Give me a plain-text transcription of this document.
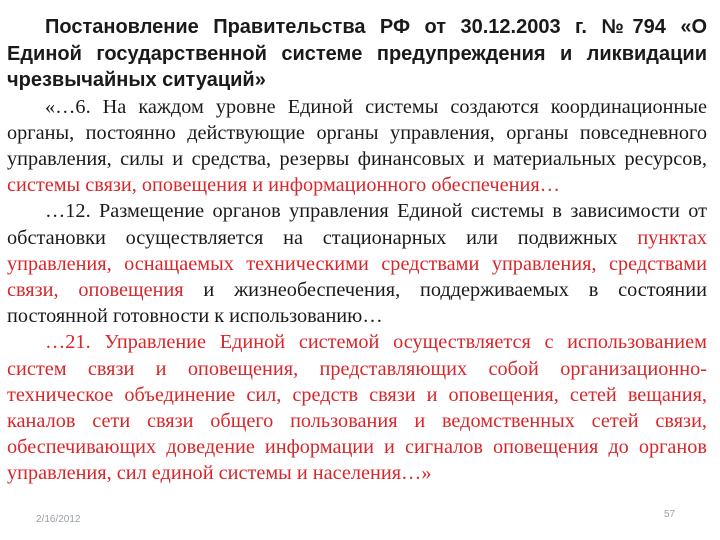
Постановление Правительства РФ от 30.12.2003 г. №794 «О Единой государственной системе предупреждения и ликвидации чрезвычайных ситуаций»

«…6. На каждом уровне Единой системы создаются координационные органы, постоянно действующие органы управления, органы повседневного управления, силы и средства, резервы финансовых и материальных ресурсов, системы связи, оповещения и информационного обеспечения…

…12. Размещение органов управления Единой системы в зависимости от обстановки осуществляется на стационарных или подвижных пунктах управления, оснащаемых техническими средствами управления, средствами связи, оповещения и жизнеобеспечения, поддерживаемых в состоянии постоянной готовности к использованию…

…21. Управление Единой системой осуществляется с использованием систем связи и оповещения, представляющих собой организационно-техническое объединение сил, средств связи и оповещения, сетей вещания, каналов сети связи общего пользования и ведомственных сетей связи, обеспечивающих доведение информации и сигналов оповещения до органов управления, сил единой системы и населения…»

2/16/2012	57
